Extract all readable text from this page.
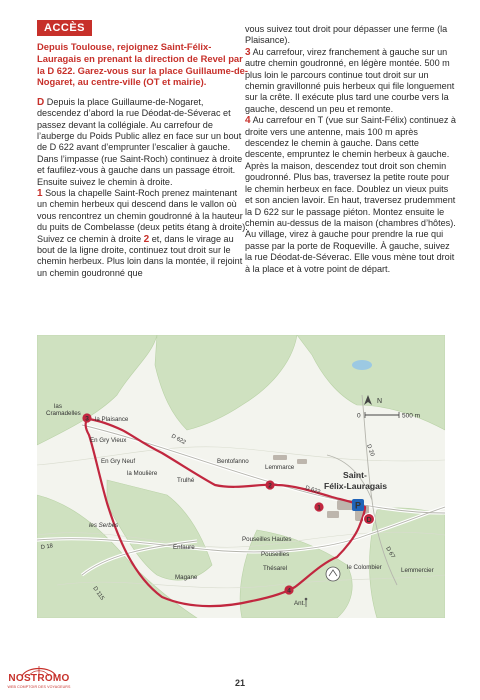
ACCÈS

Depuis Toulouse, rejoignez Saint-Félix-Lauragais en prenant la direction de Revel par la D 622. Garez-vous sur la place Guillaume-de-Nogaret, au centre-ville (OT et mairie).

D Depuis la place Guillaume-de-Nogaret, descendez d’abord la rue Déodat-de-Séverac et passez devant la collégiale. Au carrefour de l’auberge du Poids Public allez en face sur un bout de D 622 avant d’emprunter l’escalier à gauche. Dans l’impasse (rue Saint-Roch) continuez à droite et faufilez-vous à gauche dans un passage étroit. Ensuite suivez le chemin à droite.

1 Sous la chapelle Saint-Roch prenez maintenant un chemin herbeux qui descend dans le vallon où vous rencontrez un chemin goudronné à la hauteur du puits de Combelasse (deux petits étang à droite). Suivez ce chemin à droite 2 et, dans le virage au bout de la ligne droite, continuez tout droit sur le chemin herbeux. Plus loin dans la montée, il rejoint un chemin goudronné que

vous suivez tout droit pour dépasser une ferme (la Plaisance).

3 Au carrefour, virez franchement à gauche sur un autre chemin goudronné, en légère montée. 500 m plus loin le parcours continue tout droit sur un chemin gravillonné puis herbeux qui file longuement sur la crête. Il exécute plus tard une courbe vers la gauche, descend un peu et remonte.

4 Au carrefour en T (vue sur Saint-Félix) continuez à droite vers une antenne, mais 100 m après descendez le chemin à gauche. Dans cette descente, empruntez le chemin herbeux à gauche. Après la maison, descendez tout droit son chemin goudronné. Plus bas, traversez la petite route pour le chemin herbeux en face. Doublez un vieux puits et son ancien lavoir. En haut, traversez prudemment la D 622 sur le passage piéton. Montez ensuite le chemin au-dessus de la maison (chambres d’hôtes). Au village, virez à gauche pour prendre la rue qui passe par la porte de Roqueville. À gauche, suivez la rue Déodat-de-Séverac. Elle vous mène tout droit à la place et à votre point de départ.

3
2
1
4
D
P
N
0	500 m
las Cramadelles
la Plaisance
En Gry Vieux
En Gry Neuf
la Moulière
Trulhé
les Serbes
Enfaure
Magane
Bentofanno
Lemmarce
Pouseilles Hautes
Pouseilles
Thésarel	le Colombier	Lemmercier
Ant.
Saint-
Félix-Lauragais
D 622
D 622
D 18
D 115
D 20
D 67
NOSTROMO
WEB COMPTOIR DES VOYAGEURS	21
